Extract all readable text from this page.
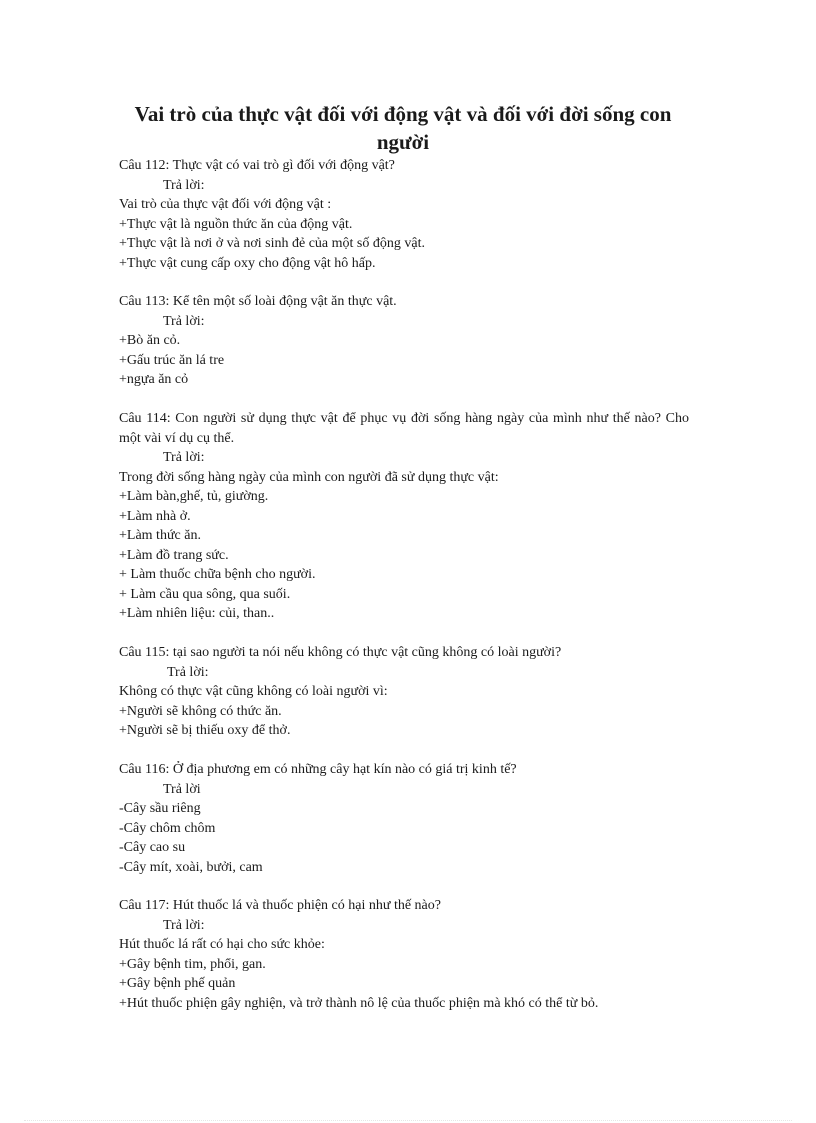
Vai trò của thực vật đối với động vật và đối với đời sống con người
Câu 112: Thực vật có vai trò gì đối với động vật?
Trả lời:
Vai trò của thực vật đối với động vật :
+Thực vật là nguồn thức ăn của động vật.
+Thực vật là nơi ở và nơi sinh đẻ của một số động vật.
+Thực vật cung cấp oxy cho động vật hô hấp.
Câu 113: Kể tên một số loài động vật ăn thực vật.
Trả lời:
+Bò ăn cỏ.
+Gấu trúc ăn lá tre
+ngựa ăn cỏ
Câu 114: Con người sử dụng thực vật để phục vụ đời sống hàng ngày của mình như thế nào? Cho một vài ví dụ cụ thể.
Trả lời:
Trong đời sống hàng ngày của mình con người đã sử dụng thực vật:
+Làm bàn,ghế, tủ, giường.
+Làm nhà ở.
+Làm thức ăn.
+Làm đồ trang sức.
+ Làm thuốc chữa bệnh cho người.
+ Làm cầu qua sông, qua suối.
+Làm nhiên liệu: củi, than..
Câu 115: tại sao người ta nói nếu không có thực vật cũng không có loài người?
Trả lời:
Không có thực vật cũng không có loài người vì:
+Người sẽ không có thức ăn.
+Người sẽ bị thiếu oxy để thở.
Câu 116: Ở địa phương em có những cây hạt kín nào có giá trị kinh tế?
Trả lời
-Cây sầu riêng
-Cây chôm chôm
-Cây cao su
-Cây mít, xoài, bưởi, cam
Câu 117: Hút thuốc lá và thuốc phiện có hại như thế nào?
Trả lời:
Hút thuốc lá rất có hại cho sức khỏe:
+Gây bệnh tim, phổi, gan.
+Gây bệnh phế quản
+Hút thuốc phiện gây nghiện, và trở thành nô lệ của thuốc phiện mà khó có thể từ bỏ.
